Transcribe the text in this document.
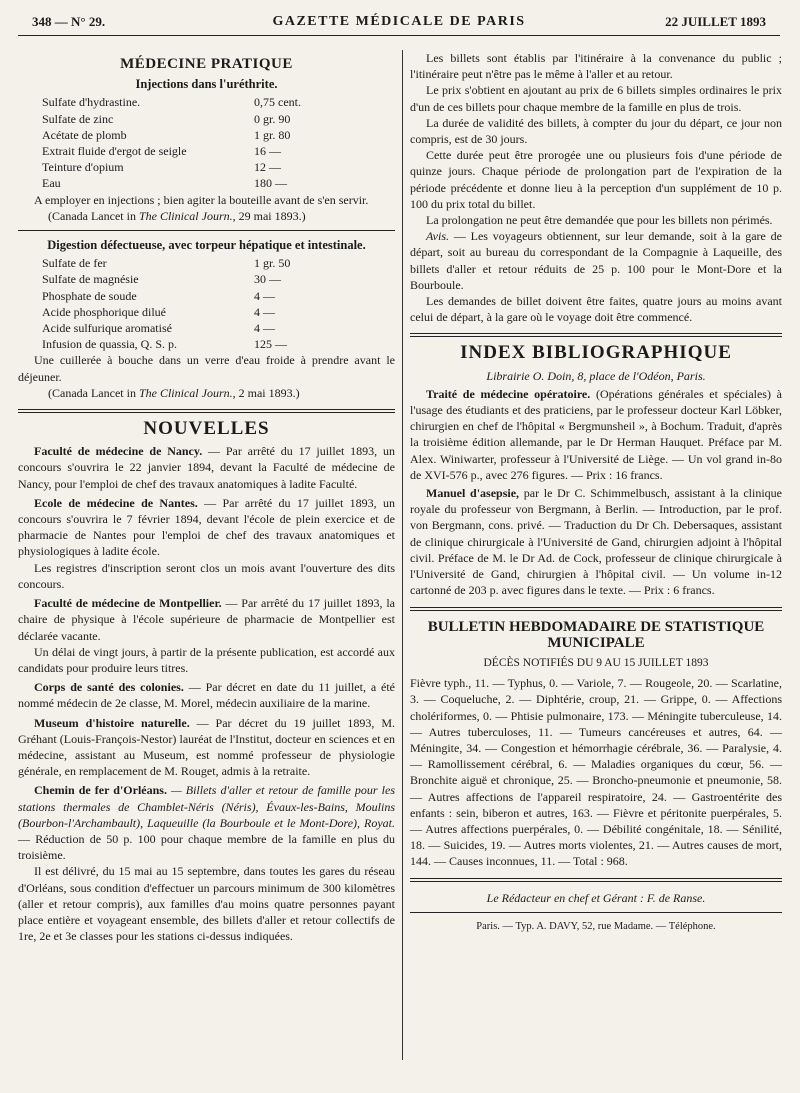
348 — N° 29.	GAZETTE MÉDICALE DE PARIS	22 JUILLET 1893
MÉDECINE PRATIQUE
Injections dans l'uréthrite.
Sulfate d'hydrastine.	0,75 cent.
Sulfate de zinc	0 gr. 90
Acétate de plomb	1 gr. 80
Extrait fluide d'ergot de seigle	16 —
Teinture d'opium	12 —
Eau	180 —

A employer en injections ; bien agiter la bouteille avant de s'en servir.

(Canada Lancet in The Clinical Journ., 29 mai 1893.)

Digestion défectueuse, avec torpeur hépatique et intestinale.
Sulfate de fer	1 gr. 50
Sulfate de magnésie	30 —
Phosphate de soude	4 —
Acide phosphorique dilué	4 —
Acide sulfurique aromatisé	4 —
Infusion de quassia, Q. S. p.	125 —

Une cuillerée à bouche dans un verre d'eau froide à prendre avant le déjeuner.

(Canada Lancet in The Clinical Journ., 2 mai 1893.)

NOUVELLES

Faculté de médecine de Nancy. — Par arrêté du 17 juillet 1893, un concours s'ouvrira le 22 janvier 1894, devant la Faculté de médecine de Nancy, pour l'emploi de chef des travaux anatomiques à ladite Faculté.

Ecole de médecine de Nantes. — Par arrêté du 17 juillet 1893, un concours s'ouvrira le 7 février 1894, devant l'école de plein exercice et de pharmacie de Nantes pour l'emploi de chef des travaux anatomiques et physiologiques à ladite école.

Les registres d'inscription seront clos un mois avant l'ouverture des dits concours.

Faculté de médecine de Montpellier. — Par arrêté du 17 juillet 1893, la chaire de physique à l'école supérieure de pharmacie de Montpellier est déclarée vacante.

Un délai de vingt jours, à partir de la présente publication, est accordé aux candidats pour produire leurs titres.

Corps de santé des colonies. — Par décret en date du 11 juillet, a été nommé médecin de 2e classe, M. Morel, médecin auxiliaire de la marine.

Museum d'histoire naturelle. — Par décret du 19 juillet 1893, M. Gréhant (Louis-François-Nestor) lauréat de l'Institut, docteur en sciences et en médecine, assistant au Museum, est nommé professeur de physiologie générale, en remplacement de M. Rouget, admis à la retraite.

Chemin de fer d'Orléans. — Billets d'aller et retour de famille pour les stations thermales de Chamblet-Néris (Néris), Évaux-les-Bains, Moulins (Bourbon-l'Archambault), Laqueuille (la Bourboule et le Mont-Dore), Royat. — Réduction de 50 p. 100 pour chaque membre de la famille en plus du troisième.

Il est délivré, du 15 mai au 15 septembre, dans toutes les gares du réseau d'Orléans, sous condition d'effectuer un parcours minimum de 300 kilomètres (aller et retour compris), aux familles d'au moins quatre personnes payant place entière et voyageant ensemble, des billets d'aller et retour collectifs de 1re, 2e et 3e classes pour les stations ci-dessus indiquées.

Les billets sont établis par l'itinéraire à la convenance du public ; l'itinéraire peut n'être pas le même à l'aller et au retour.

Le prix s'obtient en ajoutant au prix de 6 billets simples ordinaires le prix d'un de ces billets pour chaque membre de la famille en plus de trois.

La durée de validité des billets, à compter du jour du départ, ce jour non compris, est de 30 jours.

Cette durée peut être prorogée une ou plusieurs fois d'une période de quinze jours. Chaque période de prolongation part de l'expiration de la période précédente et donne lieu à la perception d'un supplément de 10 p. 100 du prix total du billet.

La prolongation ne peut être demandée que pour les billets non périmés.

Avis. — Les voyageurs obtiennent, sur leur demande, soit à la gare de départ, soit au bureau du correspondant de la Compagnie à Laqueille, des billets d'aller et retour réduits de 25 p. 100 pour le Mont-Dore et la Bourboule.

Les demandes de billet doivent être faites, quatre jours au moins avant celui de départ, à la gare où le voyage doit être commencé.

INDEX BIBLIOGRAPHIQUE

Librairie O. Doin, 8, place de l'Odéon, Paris.

Traité de médecine opératoire. (Opérations générales et spéciales) à l'usage des étudiants et des praticiens, par le professeur docteur Karl Löbker, chirurgien en chef de l'hôpital « Bergmunsheil », à Bochum. Traduit, d'après la troisième édition allemande, par le Dr Herman Hauquet. Préface par M. Alex. Winiwarter, professeur à l'Université de Liège. — Un vol grand in-8o de XVI-576 p., avec 276 figures. — Prix : 16 francs.

Manuel d'asepsie, par le Dr C. Schimmelbusch, assistant à la clinique royale du professeur von Bergmann, à Berlin. — Introduction, par le prof. von Bergmann, cons. privé. — Traduction du Dr Ch. Debersaques, assistant de clinique chirurgicale à l'Université de Gand, chirurgien adjoint à l'hôpital civil. Préface de M. le Dr Ad. de Cock, professeur de clinique chirurgicale à l'Université de Gand, chirurgien à l'hôpital civil. — Un volume in-12 cartonné de 203 p. avec figures dans le texte. — Prix : 6 francs.

BULLETIN HEBDOMADAIRE DE STATISTIQUE
MUNICIPALE

DÉCÈS NOTIFIÉS DU 9 AU 15 JUILLET 1893

Fièvre typh., 11. — Typhus, 0. — Variole, 7. — Rougeole, 20. — Scarlatine, 3. — Coqueluche, 2. — Diphtérie, croup, 21. — Grippe, 0. — Affections cholériformes, 0. — Phtisie pulmonaire, 173. — Méningite tuberculeuse, 14. — Autres tuberculoses, 11. — Tumeurs cancéreuses et autres, 64. — Méningite, 34. — Congestion et hémorrhagie cérébrale, 36. — Paralysie, 4. — Ramollissement cérébral, 6. — Maladies organiques du cœur, 56. — Bronchite aiguë et chronique, 25. — Broncho-pneumonie et pneumonie, 58. — Autres affections de l'appareil respiratoire, 24. — Gastroentérite des enfants : sein, biberon et autres, 163. — Fièvre et péritonite puerpérales, 5. — Autres affections puerpérales, 0. — Débilité congénitale, 18. — Sénilité, 18. — Suicides, 19. — Autres morts violentes, 21. — Autres causes de mort, 144. — Causes inconnues, 11. — Total : 968.

Le Rédacteur en chef et Gérant : F. de Ranse.

Paris. — Typ. A. DAVY, 52, rue Madame. — Téléphone.
